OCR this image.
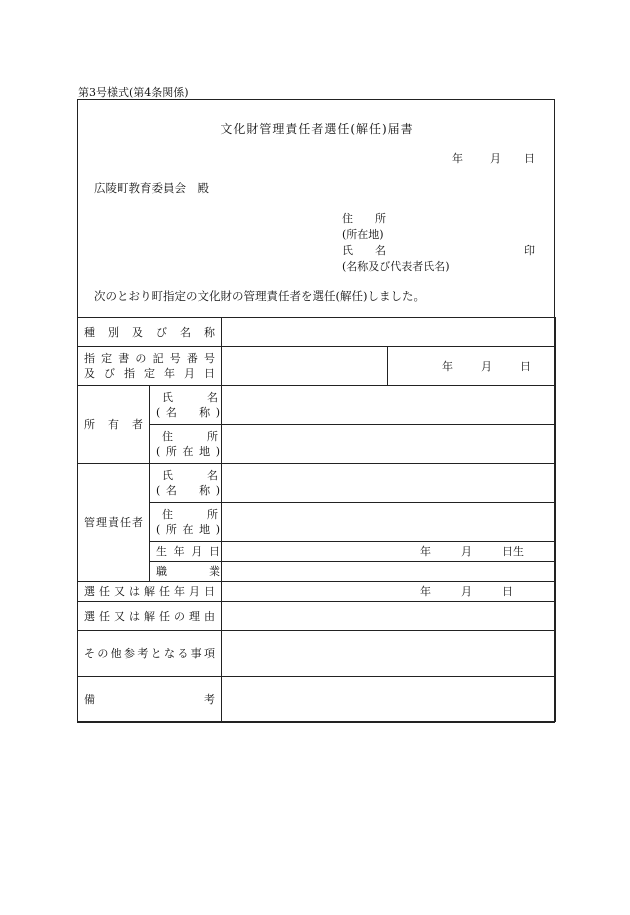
第3号様式(第4条関係)
文化財管理責任者選任(解任)届書
年 月 日
広陵町教育委員会　殿
住　　所
(所在地)
氏　　名	印
(名称及び代表者氏名)
次のとおり町指定の文化財の管理責任者を選任(解任)しました。
種別及び名称			

指定書の記号番号
及び指定年月日			年 月 日

所有者	氏　名
(名　称)		

	住　所
(所在地)		

管理責任者	氏　名
(名　称)		

	住　所
(所在地)		

	生年月日	年 月 日生	

	職業		

選任又は解任年月日		年 月 日	

選任又は解任の理由			

その他参考となる事項			

備考			
